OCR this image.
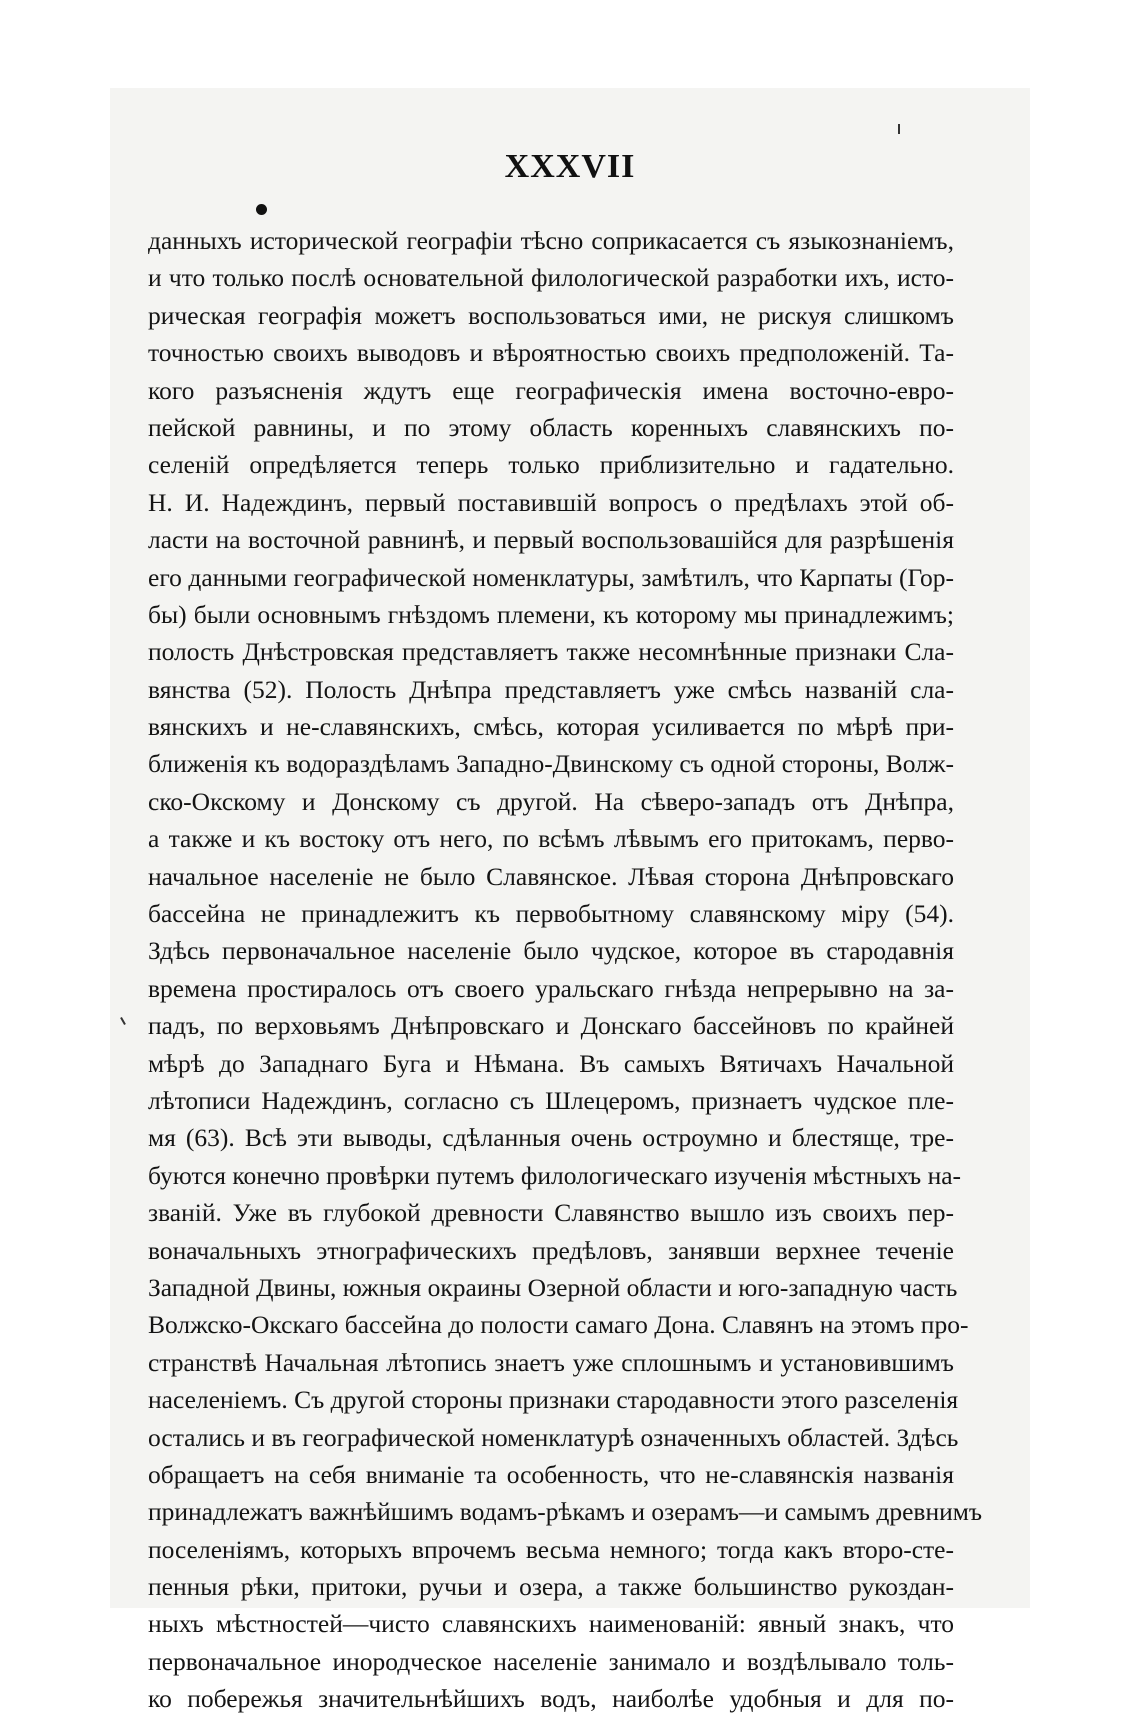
XXXVII
данныхъ исторической географіи тѣсно соприкасается съ языкознаніемъ,
и что только послѣ основательной филологической разработки ихъ, исто-
рическая географія можетъ воспользоваться ими, не рискуя слишкомъ
точностью своихъ выводовъ и вѣроятностью своихъ предположеній. Та-
кого разъясненія ждутъ еще географическія имена восточно-евро-
пейской равнины, и по этому область коренныхъ славянскихъ по-
селеній опредѣляется теперь только приблизительно и гадательно.
Н. И. Надеждинъ, первый поставившій вопросъ о предѣлахъ этой об-
ласти на восточной равнинѣ, и первый воспользовашійся для разрѣшенія
его данными географической номенклатуры, замѣтилъ, что Карпаты (Гор-
бы) были основнымъ гнѣздомъ племени, къ которому мы принадлежимъ;
полость Днѣстровская представляетъ также несомнѣнные признаки Сла-
вянства (52). Полость Днѣпра представляетъ уже смѣсь названій сла-
вянскихъ и не-славянскихъ, смѣсь, которая усиливается по мѣрѣ при-
ближенія къ водораздѣламъ Западно-Двинскому съ одной стороны, Волж-
ско-Окскому и Донскому съ другой. На сѣверо-западъ отъ Днѣпра,
а также и къ востоку отъ него, по всѣмъ лѣвымъ его притокамъ, перво-
начальное населеніе не было Славянское. Лѣвая сторона Днѣпровскаго
бассейна не принадлежитъ къ первобытному славянскому міру (54).
Здѣсь первоначальное населеніе было чудское, которое въ стародавнія
времена простиралось отъ своего уральскаго гнѣзда непрерывно на за-
падъ, по верховьямъ Днѣпровскаго и Донскаго бассейновъ по крайней
мѣрѣ до Западнаго Буга и Нѣмана. Въ самыхъ Вятичахъ Начальной
лѣтописи Надеждинъ, согласно съ Шлецеромъ, признаетъ чудское пле-
мя (63). Всѣ эти выводы, сдѣланныя очень остроумно и блестяще, тре-
буются конечно провѣрки путемъ филологическаго изученія мѣстныхъ на-
званій. Уже въ глубокой древности Славянство вышло изъ своихъ пер-
воначальныхъ этнографическихъ предѣловъ, занявши верхнее теченіе
Западной Двины, южныя окраины Озерной области и юго-западную часть
Волжско-Окскаго бассейна до полости самаго Дона. Славянъ на этомъ про-
странствѣ Начальная лѣтопись знаетъ уже сплошнымъ и установившимъ
населеніемъ. Съ другой стороны признаки стародавности этого разселенія
остались и въ географической номенклатурѣ означенныхъ областей. Здѣсь
обращаетъ на себя вниманіе та особенность, что не-славянскія названія
принадлежатъ важнѣйшимъ водамъ-рѣкамъ и озерамъ—и самымъ древнимъ
поселеніямъ, которыхъ впрочемъ весьма немного; тогда какъ второ-сте-
пенныя рѣки, притоки, ручьи и озера, а также большинство рукоздан-
ныхъ мѣстностей—чисто славянскихъ наименованій: явный знакъ, что
первоначальное инородческое населеніе занимало и воздѣлывало толь-
ко побережья значительнѣйшихъ водъ, наиболѣе удобныя и для по-
